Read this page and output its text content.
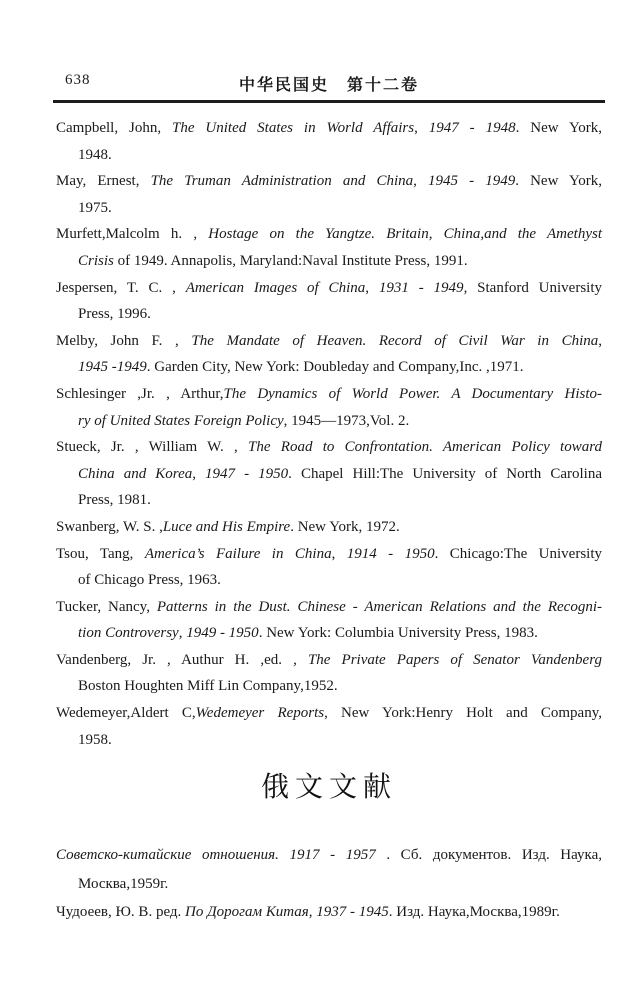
638	中华民国史　第十二卷
Campbell, John, The United States in World Affairs, 1947 - 1948. New York,
1948.
May, Ernest, The Truman Administration and China, 1945 - 1949. New York,
1975.
Murfett,Malcolm h. , Hostage on the Yangtze. Britain, China,and the Amethyst
Crisis of 1949. Annapolis, Maryland:Naval Institute Press, 1991.
Jespersen, T. C. , American Images of China, 1931 - 1949, Stanford University
Press, 1996.
Melby, John F. , The Mandate of Heaven. Record of Civil War in China,
1945 -1949. Garden City, New York: Doubleday and Company,Inc. ,1971.
Schlesinger ,Jr. , Arthur,The Dynamics of World Power. A Documentary Histo-
ry of United States Foreign Policy, 1945—1973,Vol. 2.
Stueck, Jr. , William W. , The Road to Confrontation. American Policy toward
China and Korea, 1947 - 1950. Chapel Hill:The University of North Carolina
Press, 1981.
Swanberg, W. S. ,Luce and His Empire. New York, 1972.
Tsou, Tang, America’s Failure in China, 1914 - 1950. Chicago:The University
of Chicago Press, 1963.
Tucker, Nancy, Patterns in the Dust. Chinese - American Relations and the Recogni-
tion Controversy, 1949 - 1950. New York: Columbia University Press, 1983.
Vandenberg, Jr. , Authur H. ,ed. , The Private Papers of Senator Vandenberg
Boston Houghten Miff Lin Company,1952.
Wedemeyer,Aldert C,Wedemeyer Reports, New York:Henry Holt and Company,
1958.
俄文文献
Советско-китайские отношения. 1917 - 1957 . Сб. документов. Изд. Наука,
Москва,1959г.
Чудоеев, Ю. В. ред. По Дорогам Китая, 1937 - 1945. Изд. Наука,Москва,1989г.
